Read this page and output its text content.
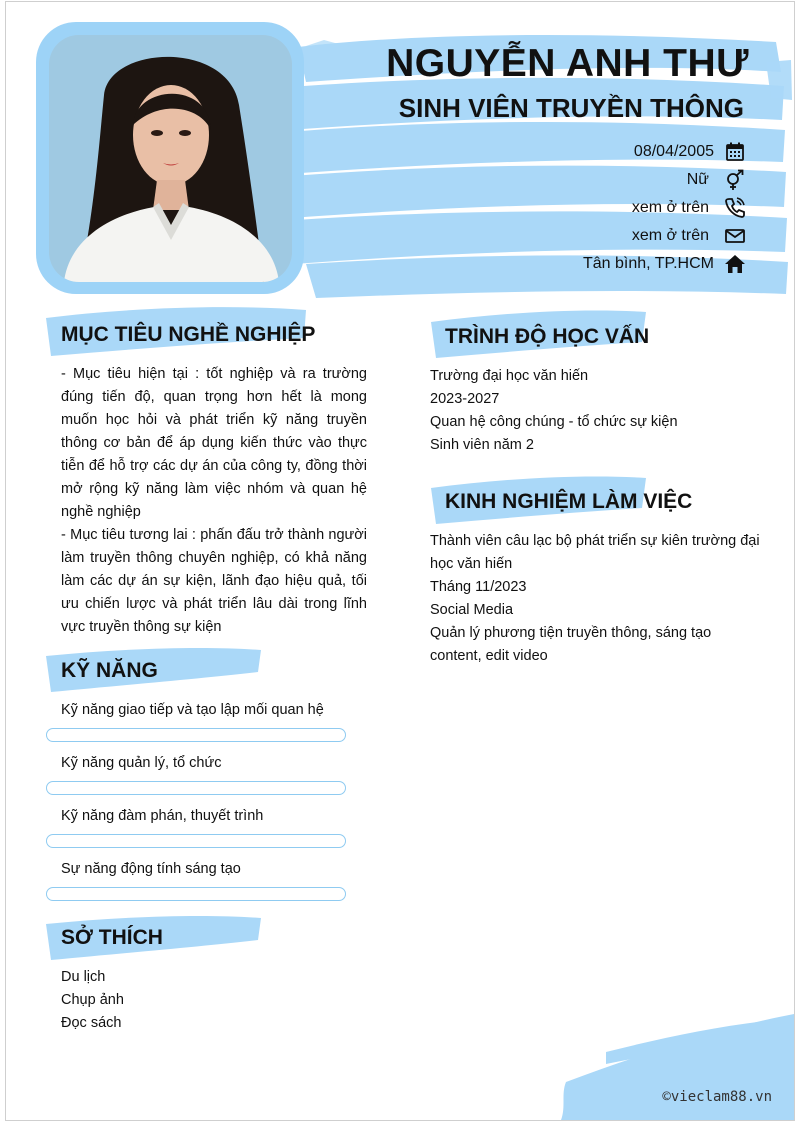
NGUYỄN ANH THƯ
SINH VIÊN TRUYỀN THÔNG
08/04/2005
Nữ
xem ở trên
xem ở trên
Tân bình, TP.HCM
MỤC TIÊU NGHỀ NGHIỆP
- Mục tiêu hiện tại : tốt nghiệp và ra trường đúng tiến độ, quan trọng hơn hết là mong muốn học hỏi và phát triển kỹ năng truyền thông cơ bản để áp dụng kiến thức vào thực tiễn để hỗ trợ các dự án của công ty, đồng thời mở rộng kỹ năng làm việc nhóm và quan hệ nghề nghiệp
- Mục tiêu tương lai : phấn đấu trở thành người làm truyền thông chuyên nghiệp, có khả năng làm các dự án sự kiện, lãnh đạo hiệu quả, tối ưu chiến lược và phát triển lâu dài trong lĩnh vực truyền thông sự kiện
KỸ NĂNG
Kỹ năng giao tiếp và tạo lập mối quan hệ
Kỹ năng quản lý, tổ chức
Kỹ năng đàm phán, thuyết trình
Sự năng động tính sáng tạo
SỞ THÍCH
Du lịch
Chụp ảnh
Đọc sách
TRÌNH ĐỘ HỌC VẤN
Trường đại học văn hiến
2023-2027
Quan hệ công chúng - tổ chức sự kiện
Sinh viên năm 2
KINH NGHIỆM LÀM VIỆC
Thành viên câu lạc bộ phát triển sự kiên trường đại học văn hiến
Tháng 11/2023
Social Media
Quản lý phương tiện truyền thông, sáng tạo content, edit video
©vieclam88.vn
